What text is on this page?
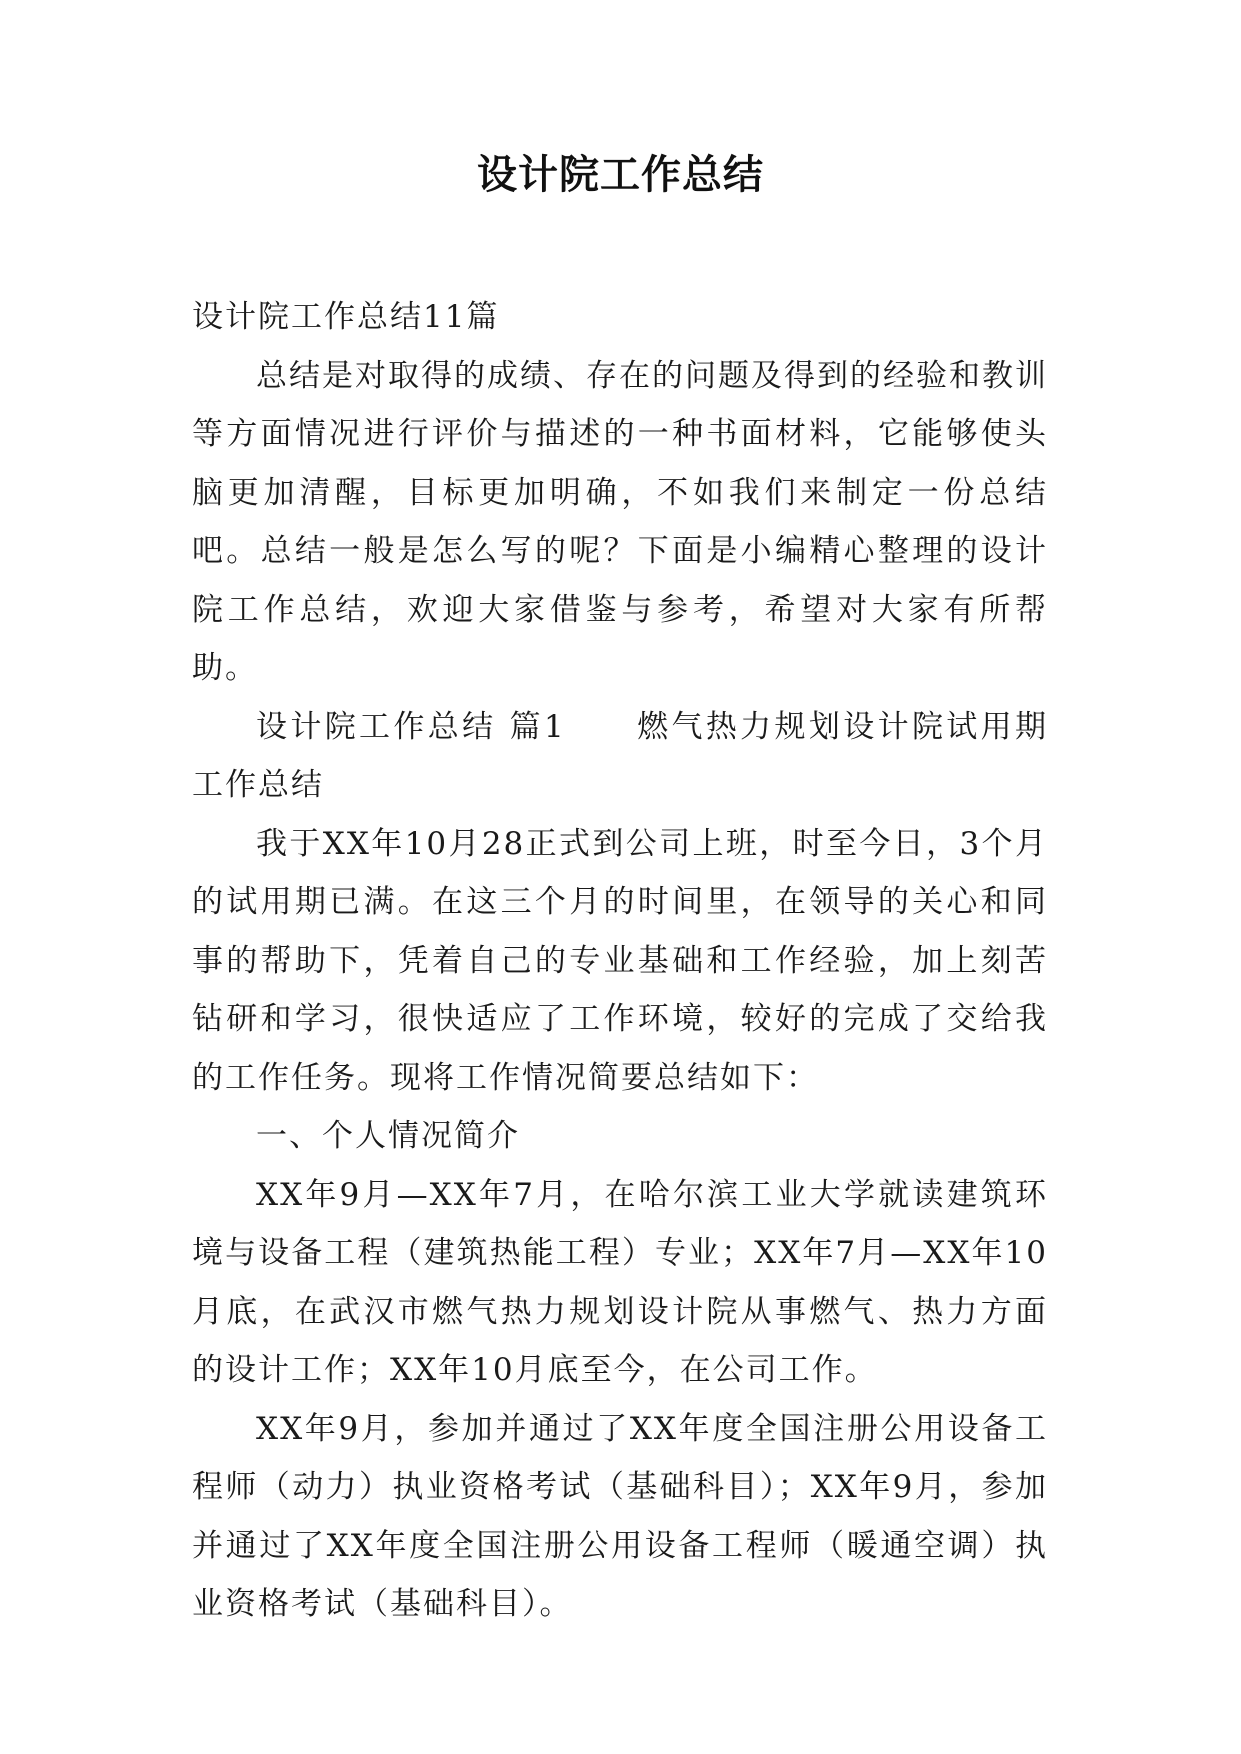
设计院工作总结

设计院工作总结11篇

总结是对取得的成绩、存在的问题及得到的经验和教训等方面情况进行评价与描述的一种书面材料，它能够使头脑更加清醒，目标更加明确，不如我们来制定一份总结吧。总结一般是怎么写的呢？下面是小编精心整理的设计院工作总结，欢迎大家借鉴与参考，希望对大家有所帮助。

设计院工作总结 篇1 燃气热力规划设计院试用期工作总结

我于XX年10月28正式到公司上班，时至今日，3个月的试用期已满。在这三个月的时间里，在领导的关心和同事的帮助下，凭着自己的专业基础和工作经验，加上刻苦钻研和学习，很快适应了工作环境，较好的完成了交给我的工作任务。现将工作情况简要总结如下：

一、个人情况简介

XX年9月—XX年7月，在哈尔滨工业大学就读建筑环境与设备工程（建筑热能工程）专业；XX年7月—XX年10月底，在武汉市燃气热力规划设计院从事燃气、热力方面的设计工作；XX年10月底至今，在公司工作。

XX年9月，参加并通过了XX年度全国注册公用设备工程师（动力）执业资格考试（基础科目）；XX年9月，参加并通过了XX年度全国注册公用设备工程师（暖通空调）执业资格考试（基础科目）。
